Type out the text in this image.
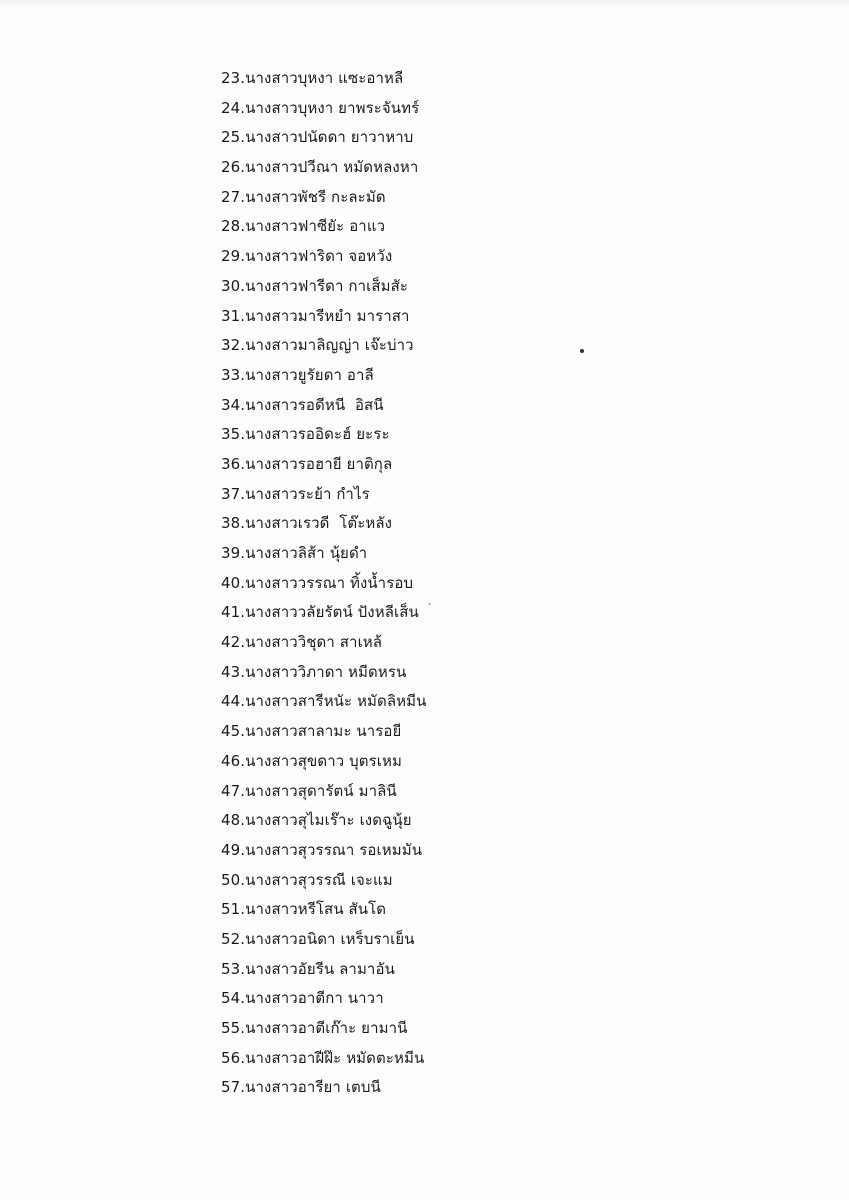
23.นางสาวบุหงา แซะอาหลี
24.นางสาวบุหงา ยาพระจันทร์
25.นางสาวปนัดดา ยาวาหาบ
26.นางสาวปวีณา หมัดหลงหา
27.นางสาวพัชรี กะละมัด
28.นางสาวฟาซียัะ อาแว
29.นางสาวฟาริดา จอหวัง
30.นางสาวฟารีดา กาเส็มสัะ
31.นางสาวมารีหยำ มาราสา
32.นางสาวมาลิญญ่า เจ๊ะบ่าว
33.นางสาวยูรัยดา อาลี
34.นางสาวรอดีหนี  อิสนี
35.นางสาวรออิดะฮ์ ยะระ
36.นางสาวรอฮายี ยาติกุล
37.นางสาวระย้า กำไร
38.นางสาวเรวดี  โต๊ะหลัง
39.นางสาวลิส้า นุ้ยดำ
40.นางสาววรรณา ทิ้งน้ำรอบ
41.นางสาววลัยรัตน์ ปังหลีเส็น
42.นางสาววิชุดา สาเหล้
43.นางสาววิภาดา หมีดหรน
44.นางสาวสารีหนัะ หมัดลิหมีน
45.นางสาวสาลามะ นารอยี
46.นางสาวสุขดาว บุตรเหม
47.นางสาวสุดารัตน์ มาลินี
48.นางสาวสุไมเร๊าะ เงดฉูนุ้ย
49.นางสาวสุวรรณา รอเหมมัน
50.นางสาวสุวรรณี เจะแม
51.นางสาวหรีโสน สันโด
52.นางสาวอนิดา เหร็บราเย็น
53.นางสาวอัยรีน ลามาอัน
54.นางสาวอาตีกา นาวา
55.นางสาวอาตีเก๊าะ ยามานี
56.นางสาวอาฝีฝ๊ะ หมัดตะหมีน
57.นางสาวอารียา เตบนี
